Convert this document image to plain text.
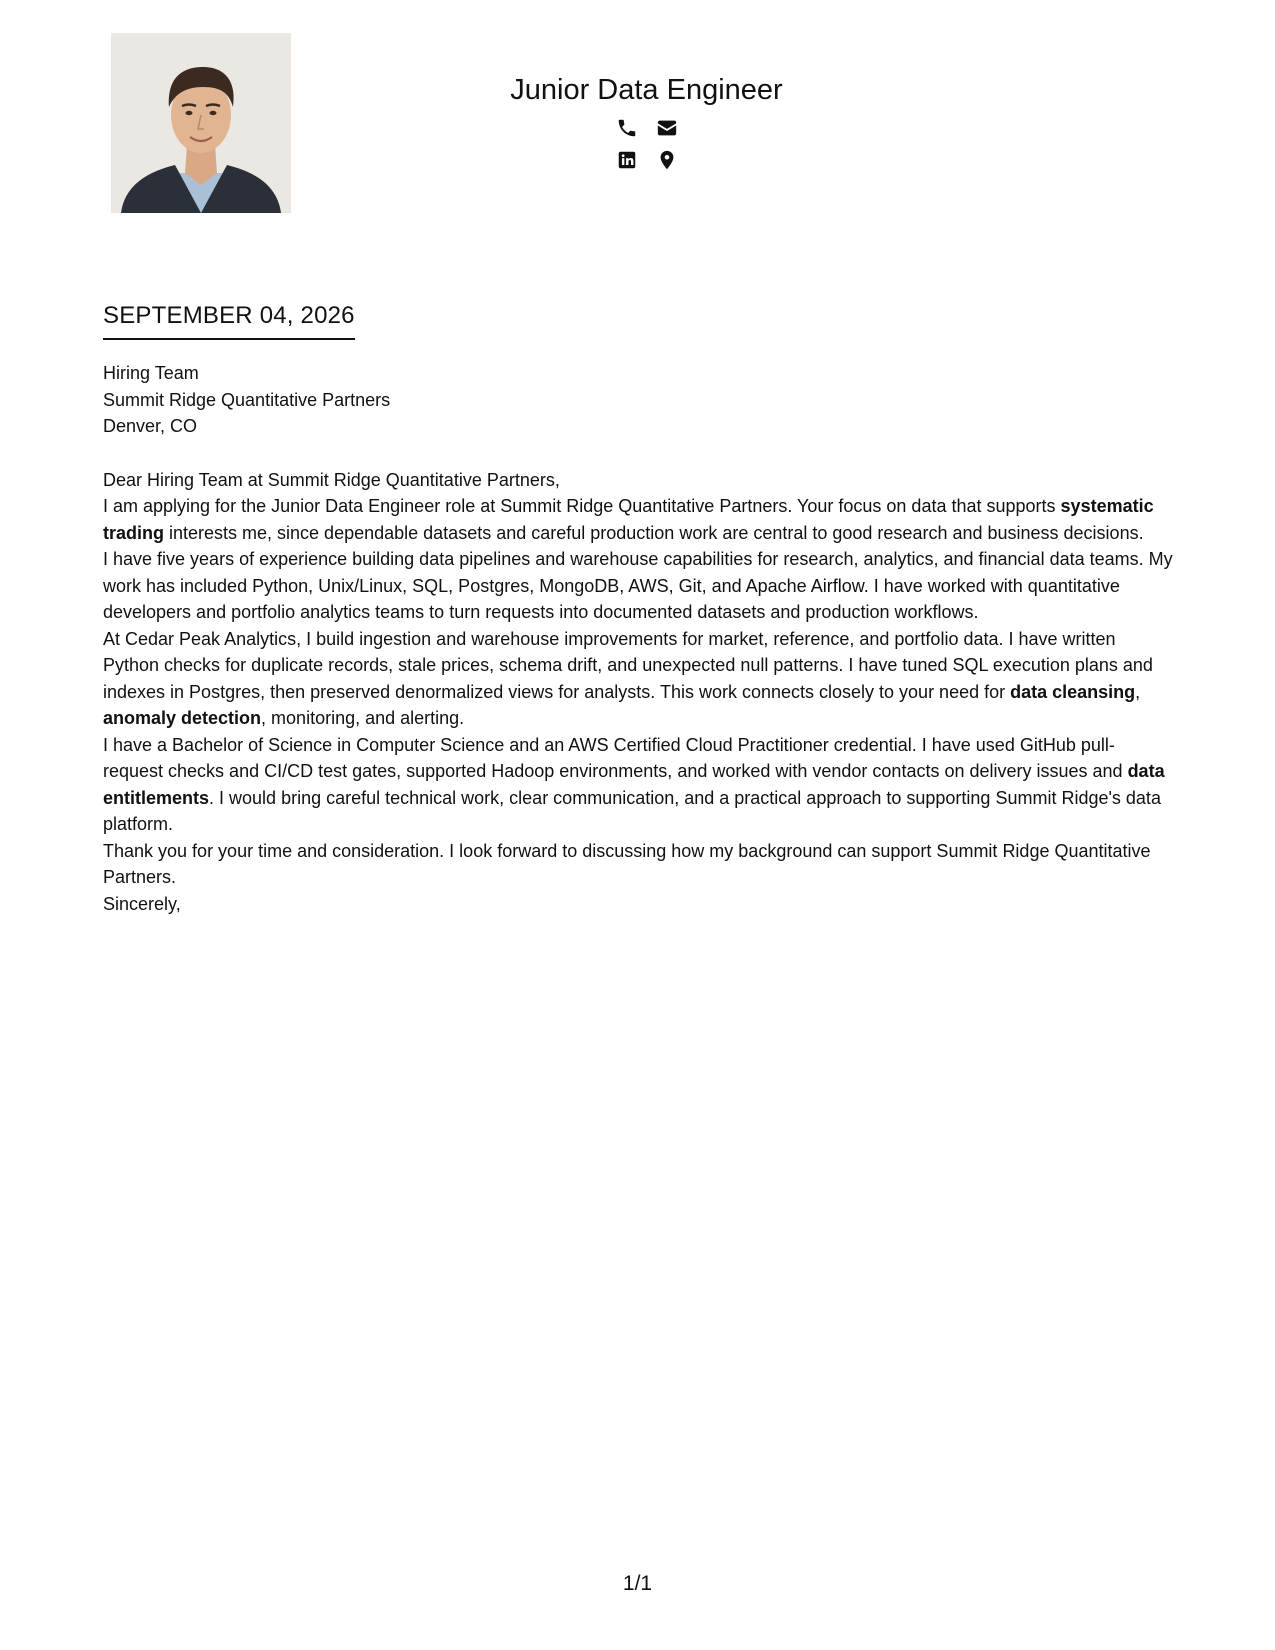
Junior Data Engineer
SEPTEMBER 04, 2026

Hiring Team

Summit Ridge Quantitative Partners

Denver, CO

Dear Hiring Team at Summit Ridge Quantitative Partners,

I am applying for the Junior Data Engineer role at Summit Ridge Quantitative Partners. Your focus on data that supports systematic trading interests me, since dependable datasets and careful production work are central to good research and business decisions.

I have five years of experience building data pipelines and warehouse capabilities for research, analytics, and financial data teams. My work has included Python, Unix/Linux, SQL, Postgres, MongoDB, AWS, Git, and Apache Airflow. I have worked with quantitative developers and portfolio analytics teams to turn requests into documented datasets and production workflows.

At Cedar Peak Analytics, I build ingestion and warehouse improvements for market, reference, and portfolio data. I have written Python checks for duplicate records, stale prices, schema drift, and unexpected null patterns. I have tuned SQL execution plans and indexes in Postgres, then preserved denormalized views for analysts. This work connects closely to your need for data cleansing, anomaly detection, monitoring, and alerting.

I have a Bachelor of Science in Computer Science and an AWS Certified Cloud Practitioner credential. I have used GitHub pull-request checks and CI/CD test gates, supported Hadoop environments, and worked with vendor contacts on delivery issues and data entitlements. I would bring careful technical work, clear communication, and a practical approach to supporting Summit Ridge's data platform.

Thank you for your time and consideration. I look forward to discussing how my background can support Summit Ridge Quantitative Partners.

Sincerely,

1/1
